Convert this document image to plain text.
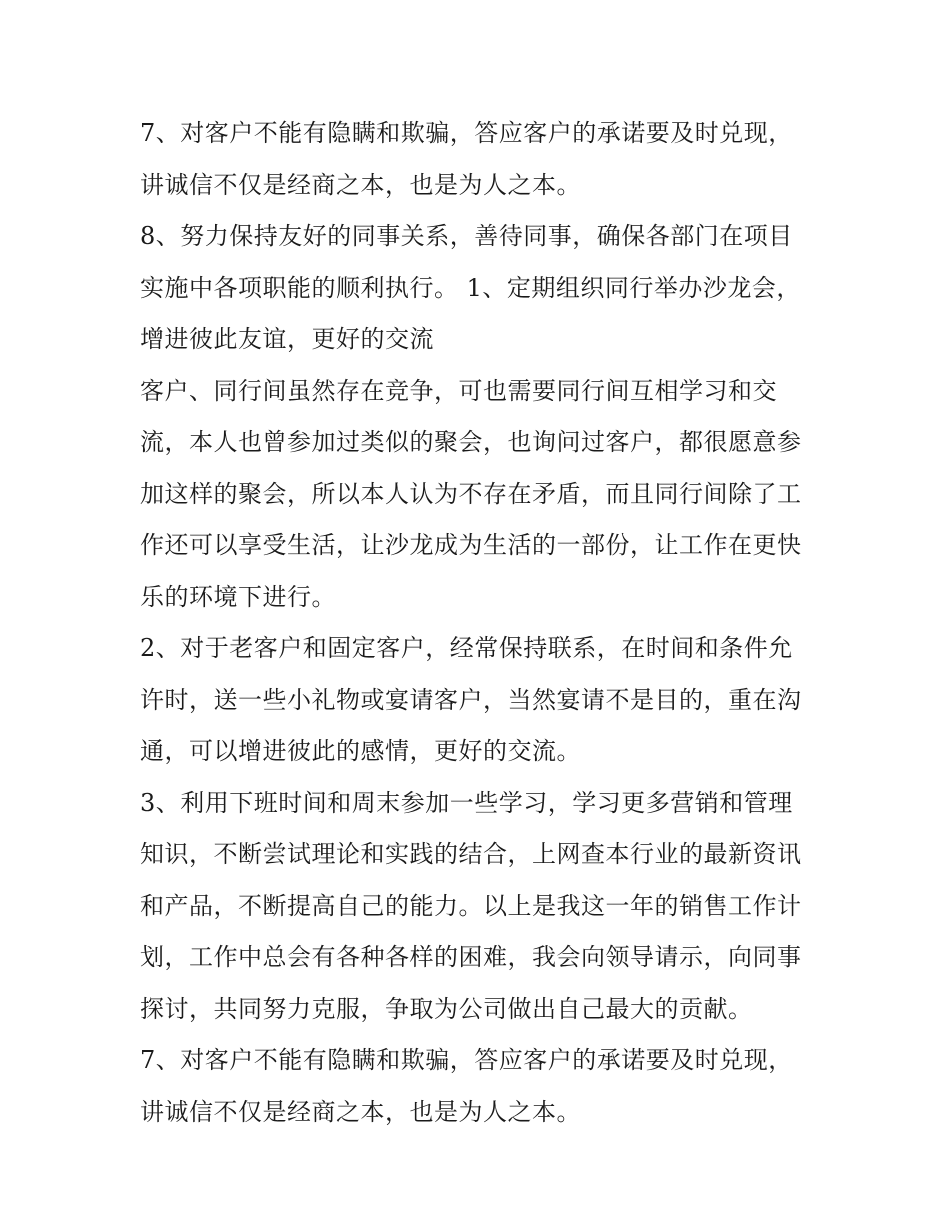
7、对客户不能有隐瞒和欺骗，答应客户的承诺要及时兑现，
讲诚信不仅是经商之本，也是为人之本。
8、努力保持友好的同事关系，善待同事，确保各部门在项目
实施中各项职能的顺利执行。 1、定期组织同行举办沙龙会，
增进彼此友谊，更好的交流
客户、同行间虽然存在竞争，可也需要同行间互相学习和交
流，本人也曾参加过类似的聚会，也询问过客户，都很愿意参
加这样的聚会，所以本人认为不存在矛盾，而且同行间除了工
作还可以享受生活，让沙龙成为生活的一部份，让工作在更快
乐的环境下进行。
2、对于老客户和固定客户，经常保持联系，在时间和条件允
许时，送一些小礼物或宴请客户，当然宴请不是目的，重在沟
通，可以增进彼此的感情，更好的交流。
3、利用下班时间和周末参加一些学习，学习更多营销和管理
知识，不断尝试理论和实践的结合，上网查本行业的最新资讯
和产品，不断提高自己的能力。以上是我这一年的销售工作计
划，工作中总会有各种各样的困难，我会向领导请示，向同事
探讨，共同努力克服，争取为公司做出自己最大的贡献。
7、对客户不能有隐瞒和欺骗，答应客户的承诺要及时兑现，
讲诚信不仅是经商之本，也是为人之本。
